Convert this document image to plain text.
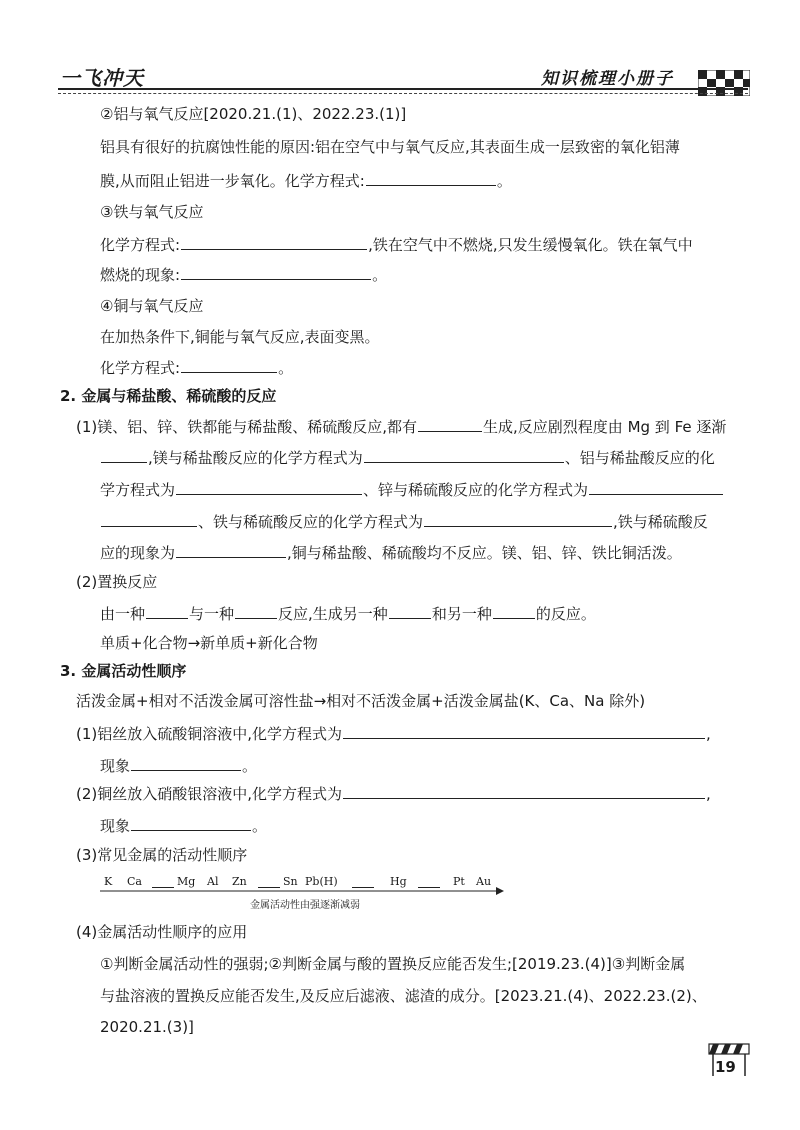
一飞冲天	知识梳理小册子
②铝与氧气反应[2020.21.(1)、2022.23.(1)]
铝具有很好的抗腐蚀性能的原因:铝在空气中与氧气反应,其表面生成一层致密的氧化铝薄
膜,从而阻止铝进一步氧化。化学方程式:	。
③铁与氧气反应
化学方程式:	,铁在空气中不燃烧,只发生缓慢氧化。铁在氧气中
燃烧的现象:	。
④铜与氧气反应
在加热条件下,铜能与氧气反应,表面变黑。
化学方程式:	。
2. 金属与稀盐酸、稀硫酸的反应
(1)镁、铝、锌、铁都能与稀盐酸、稀硫酸反应,都有	生成,反应剧烈程度由 Mg 到 Fe 逐渐
,镁与稀盐酸反应的化学方程式为	、铝与稀盐酸反应的化
学方程式为	、锌与稀硫酸反应的化学方程式为
、铁与稀硫酸反应的化学方程式为	,铁与稀硫酸反
应的现象为	,铜与稀盐酸、稀硫酸均不反应。镁、铝、锌、铁比铜活泼。
(2)置换反应
由一种	与一种	反应,生成另一种	和另一种	的反应。
单质+化合物→新单质+新化合物
3. 金属活动性顺序
活泼金属+相对不活泼金属可溶性盐→相对不活泼金属+活泼金属盐(K、Ca、Na 除外)
(1)铝丝放入硫酸铜溶液中,化学方程式为	,
现象	。
(2)铜丝放入硝酸银溶液中,化学方程式为	,
现象	。
(3)常见金属的活动性顺序
K Ca	Mg Al Zn	Sn Pb(H)	Hg	Pt Au
金属活动性由强逐渐减弱
(4)金属活动性顺序的应用
①判断金属活动性的强弱;②判断金属与酸的置换反应能否发生;[2019.23.(4)]③判断金属
与盐溶液的置换反应能否发生,及反应后滤液、滤渣的成分。[2023.21.(4)、2022.23.(2)、
2020.21.(3)]
19
